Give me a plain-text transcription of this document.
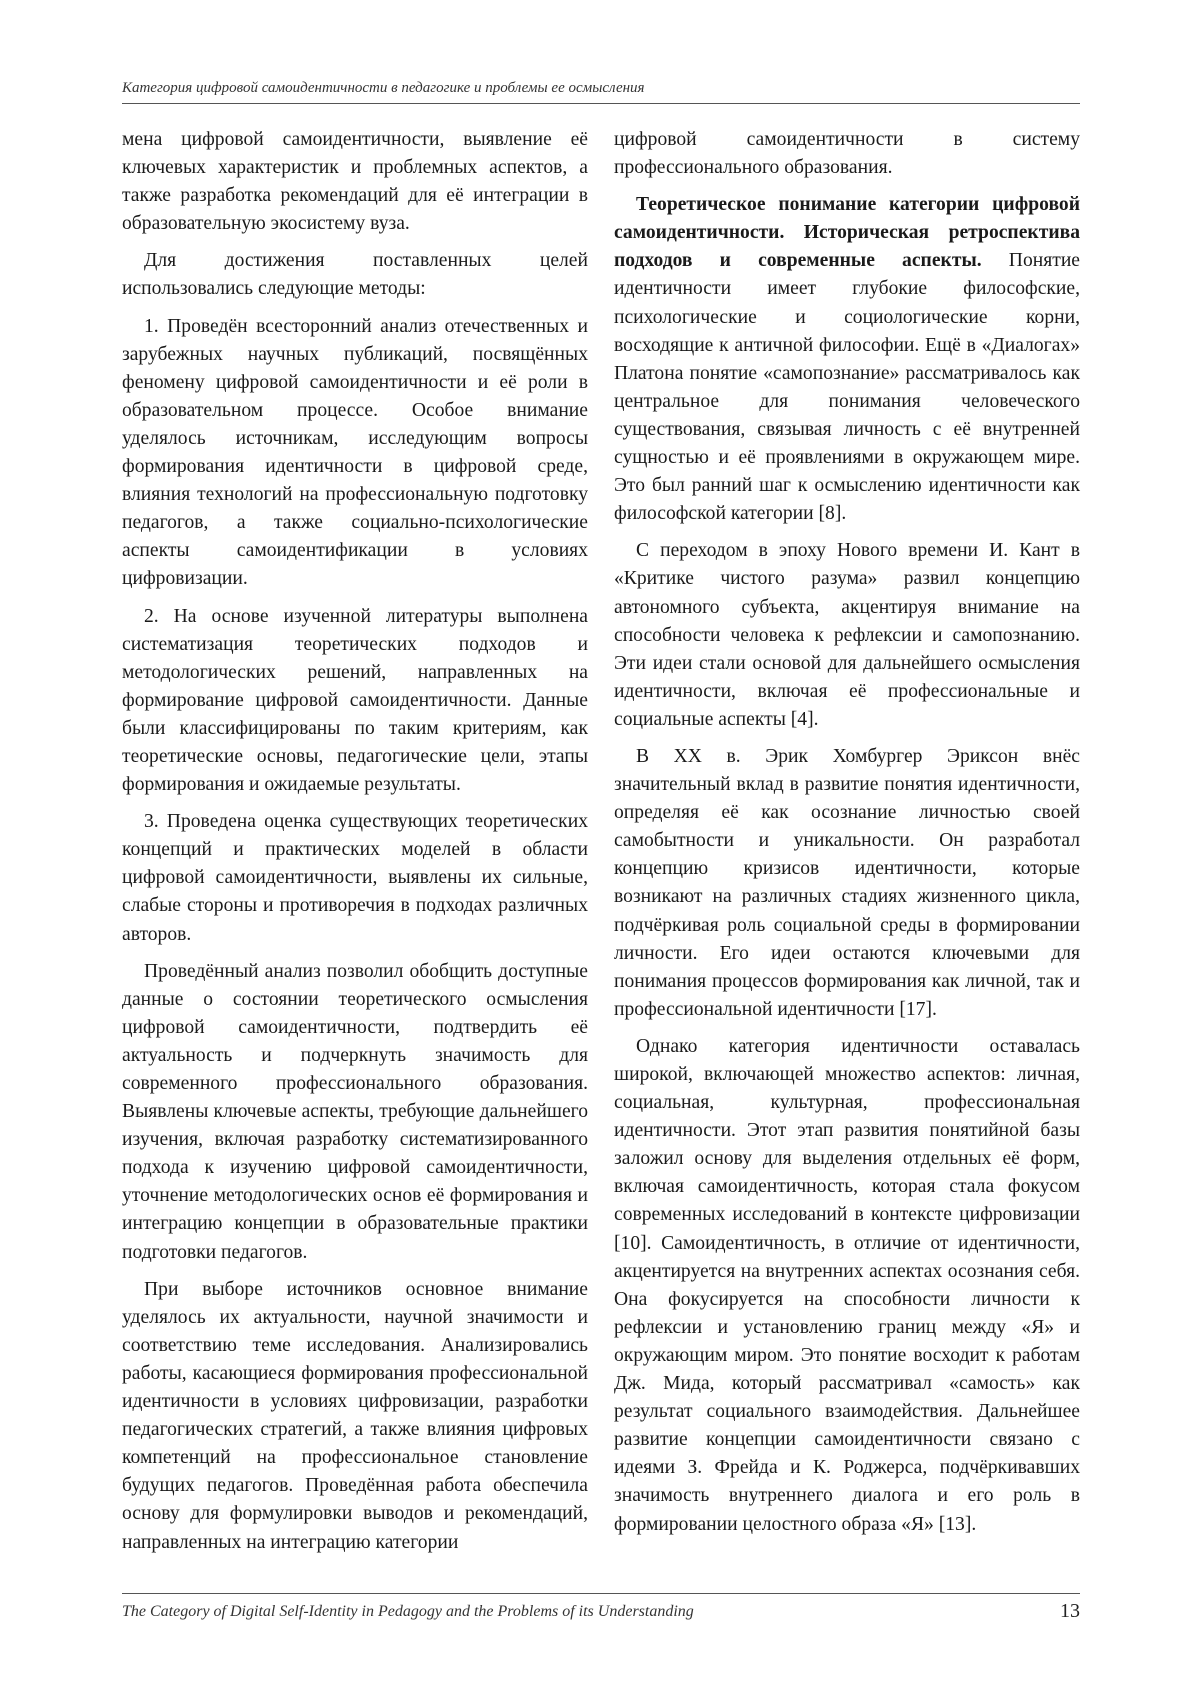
Категория цифровой самоидентичности в педагогике и проблемы ее осмысления

мена цифровой самоидентичности, выявление её ключевых характеристик и проблемных аспектов, а также разработка рекомендаций для её интеграции в образовательную экосистему вуза.

Для достижения поставленных целей использовались следующие методы:

1. Проведён всесторонний анализ отечественных и зарубежных научных публикаций, посвящённых феномену цифровой самоидентичности и её роли в образовательном процессе. Особое внимание уделялось источникам, исследующим вопросы формирования идентичности в цифровой среде, влияния технологий на профессиональную подготовку педагогов, а также социально-психологические аспекты самоидентификации в условиях цифровизации.

2. На основе изученной литературы выполнена систематизация теоретических подходов и методологических решений, направленных на формирование цифровой самоидентичности. Данные были классифицированы по таким критериям, как теоретические основы, педагогические цели, этапы формирования и ожидаемые результаты.

3. Проведена оценка существующих теоретических концепций и практических моделей в области цифровой самоидентичности, выявлены их сильные, слабые стороны и противоречия в подходах различных авторов.

Проведённый анализ позволил обобщить доступные данные о состоянии теоретического осмысления цифровой самоидентичности, подтвердить её актуальность и подчеркнуть значимость для современного профессионального образования. Выявлены ключевые аспекты, требующие дальнейшего изучения, включая разработку систематизированного подхода к изучению цифровой самоидентичности, уточнение методологических основ её формирования и интеграцию концепции в образовательные практики подготовки педагогов.

При выборе источников основное внимание уделялось их актуальности, научной значимости и соответствию теме исследования. Анализировались работы, касающиеся формирования профессиональной идентичности в условиях цифровизации, разработки педагогических стратегий, а также влияния цифровых компетенций на профессиональное становление будущих педагогов. Проведённая работа обеспечила основу для формулировки выводов и рекомендаций, направленных на интеграцию категории

цифровой самоидентичности в систему профессионального образования.

Теоретическое понимание категории цифровой самоидентичности. Историческая ретроспектива подходов и современные аспекты. Понятие идентичности имеет глубокие философские, психологические и социологические корни, восходящие к античной философии. Ещё в «Диалогах» Платона понятие «самопознание» рассматривалось как центральное для понимания человеческого существования, связывая личность с её внутренней сущностью и её проявлениями в окружающем мире. Это был ранний шаг к осмыслению идентичности как философской категории [8].

С переходом в эпоху Нового времени И. Кант в «Критике чистого разума» развил концепцию автономного субъекта, акцентируя внимание на способности человека к рефлексии и самопознанию. Эти идеи стали основой для дальнейшего осмысления идентичности, включая её профессиональные и социальные аспекты [4].

В XX в. Эрик Хомбургер Эриксон внёс значительный вклад в развитие понятия идентичности, определяя её как осознание личностью своей самобытности и уникальности. Он разработал концепцию кризисов идентичности, которые возникают на различных стадиях жизненного цикла, подчёркивая роль социальной среды в формировании личности. Его идеи остаются ключевыми для понимания процессов формирования как личной, так и профессиональной идентичности [17].

Однако категория идентичности оставалась широкой, включающей множество аспектов: личная, социальная, культурная, профессиональная идентичности. Этот этап развития понятийной базы заложил основу для выделения отдельных её форм, включая самоидентичность, которая стала фокусом современных исследований в контексте цифровизации [10]. Самоидентичность, в отличие от идентичности, акцентируется на внутренних аспектах осознания себя. Она фокусируется на способности личности к рефлексии и установлению границ между «Я» и окружающим миром. Это понятие восходит к работам Дж. Мида, который рассматривал «самость» как результат социального взаимодействия. Дальнейшее развитие концепции самоидентичности связано с идеями З. Фрейда и К. Роджерса, подчёркивавших значимость внутреннего диалога и его роль в формировании целостного образа «Я» [13].

The Category of Digital Self-Identity in Pedagogy and the Problems of its Understanding	13
